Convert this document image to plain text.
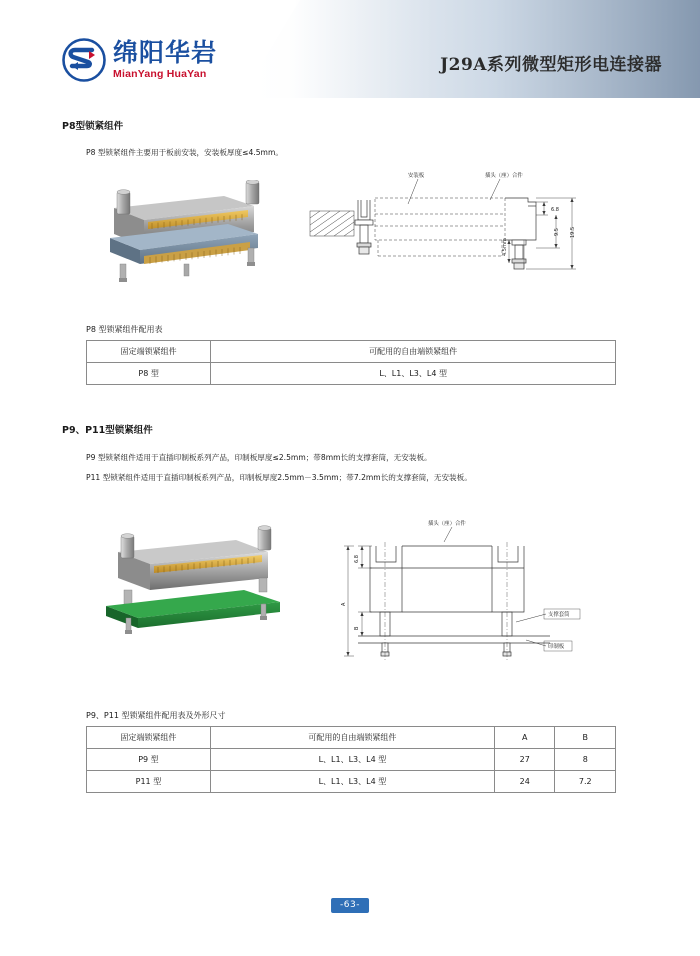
绵阳华岩
MianYang HuaYan	J29A系列微型矩形电连接器
P8型锁紧组件
P8 型锁紧组件主要用于板前安装，安装板厚度≤4.5mm。
安装板	插头（座）合件
6.8
9.5 19.5
4.5mm
P8 型锁紧组件配用表
固定端锁紧组件	可配用的自由端锁紧组件
P8 型	L、L1、L3、L4 型
P9、P11型锁紧组件
P9 型锁紧组件适用于直插印制板系列产品，印制板厚度≤2.5mm；带8mm长的支撑套筒，无安装板。
P11 型锁紧组件适用于直插印制板系列产品，印制板厚度2.5mm－3.5mm；带7.2mm长的支撑套筒，无安装板。
插头（座）合件
6.8
B
A
支撑套筒
印制板
P9、P11 型锁紧组件配用表及外形尺寸
固定端锁紧组件	可配用的自由端锁紧组件	A	B
P9 型	L、L1、L3、L4 型	27	8
P11 型	L、L1、L3、L4 型	24	7.2
-63-
